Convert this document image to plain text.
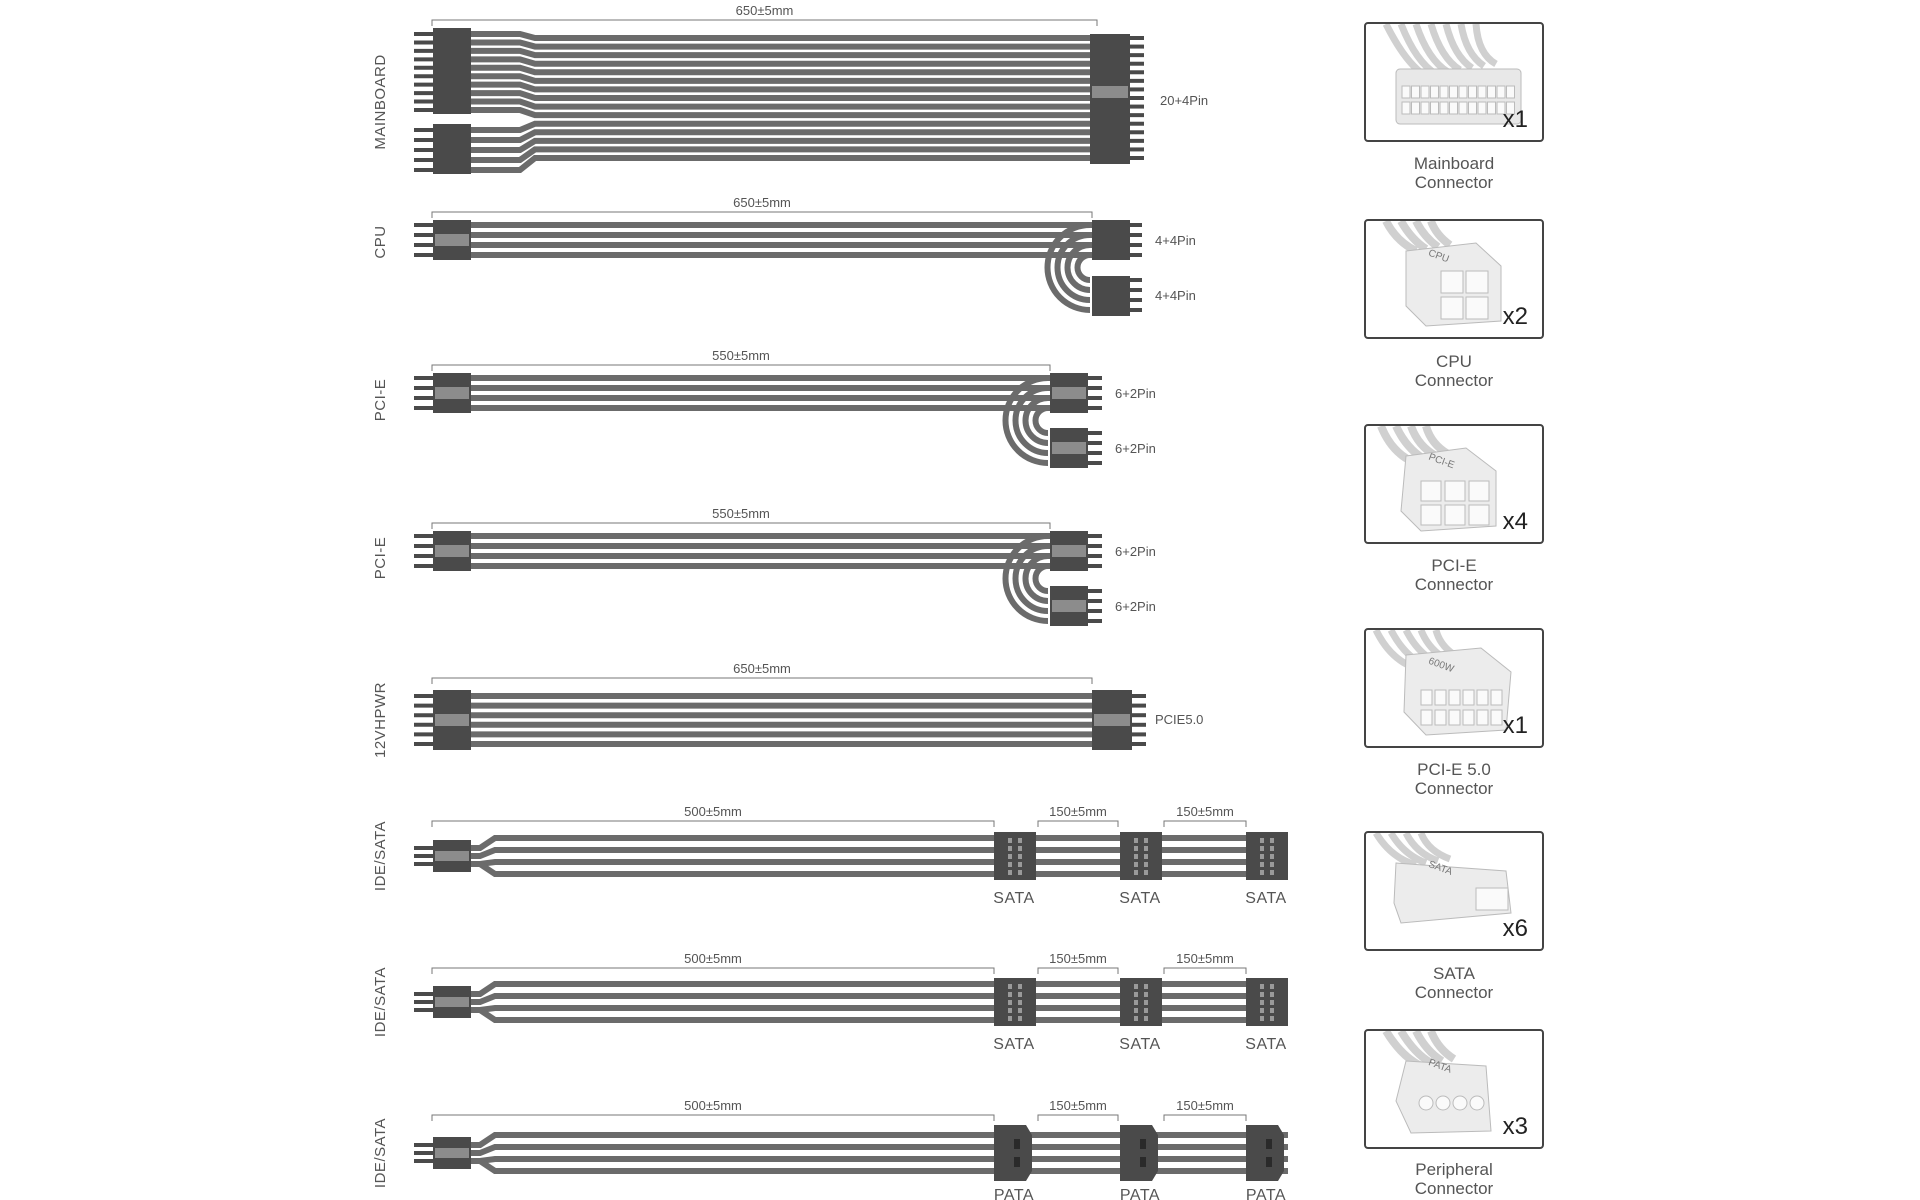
MAINBOARD
650±5mm
20+4Pin
CPU
650±5mm
4+4Pin
4+4Pin
PCI-E
550±5mm
6+2Pin
6+2Pin
PCI-E
550±5mm
6+2Pin
6+2Pin
12VHPWR
650±5mm
PCIE5.0
IDE/SATA
500±5mm	150±5mm	150±5mm
SATA	SATA	SATA
IDE/SATA
500±5mm	150±5mm	150±5mm
SATA	SATA	SATA
IDE/SATA
500±5mm	150±5mm	150±5mm
PATA	PATA	PATA
x1
Mainboard
Connector
CPU
x2
CPU
Connector
PCI-E
x4
PCI-E
Connector
600W
x1
PCI-E 5.0
Connector
SATA
x6
SATA
Connector
PATA
x3
Peripheral
Connector
